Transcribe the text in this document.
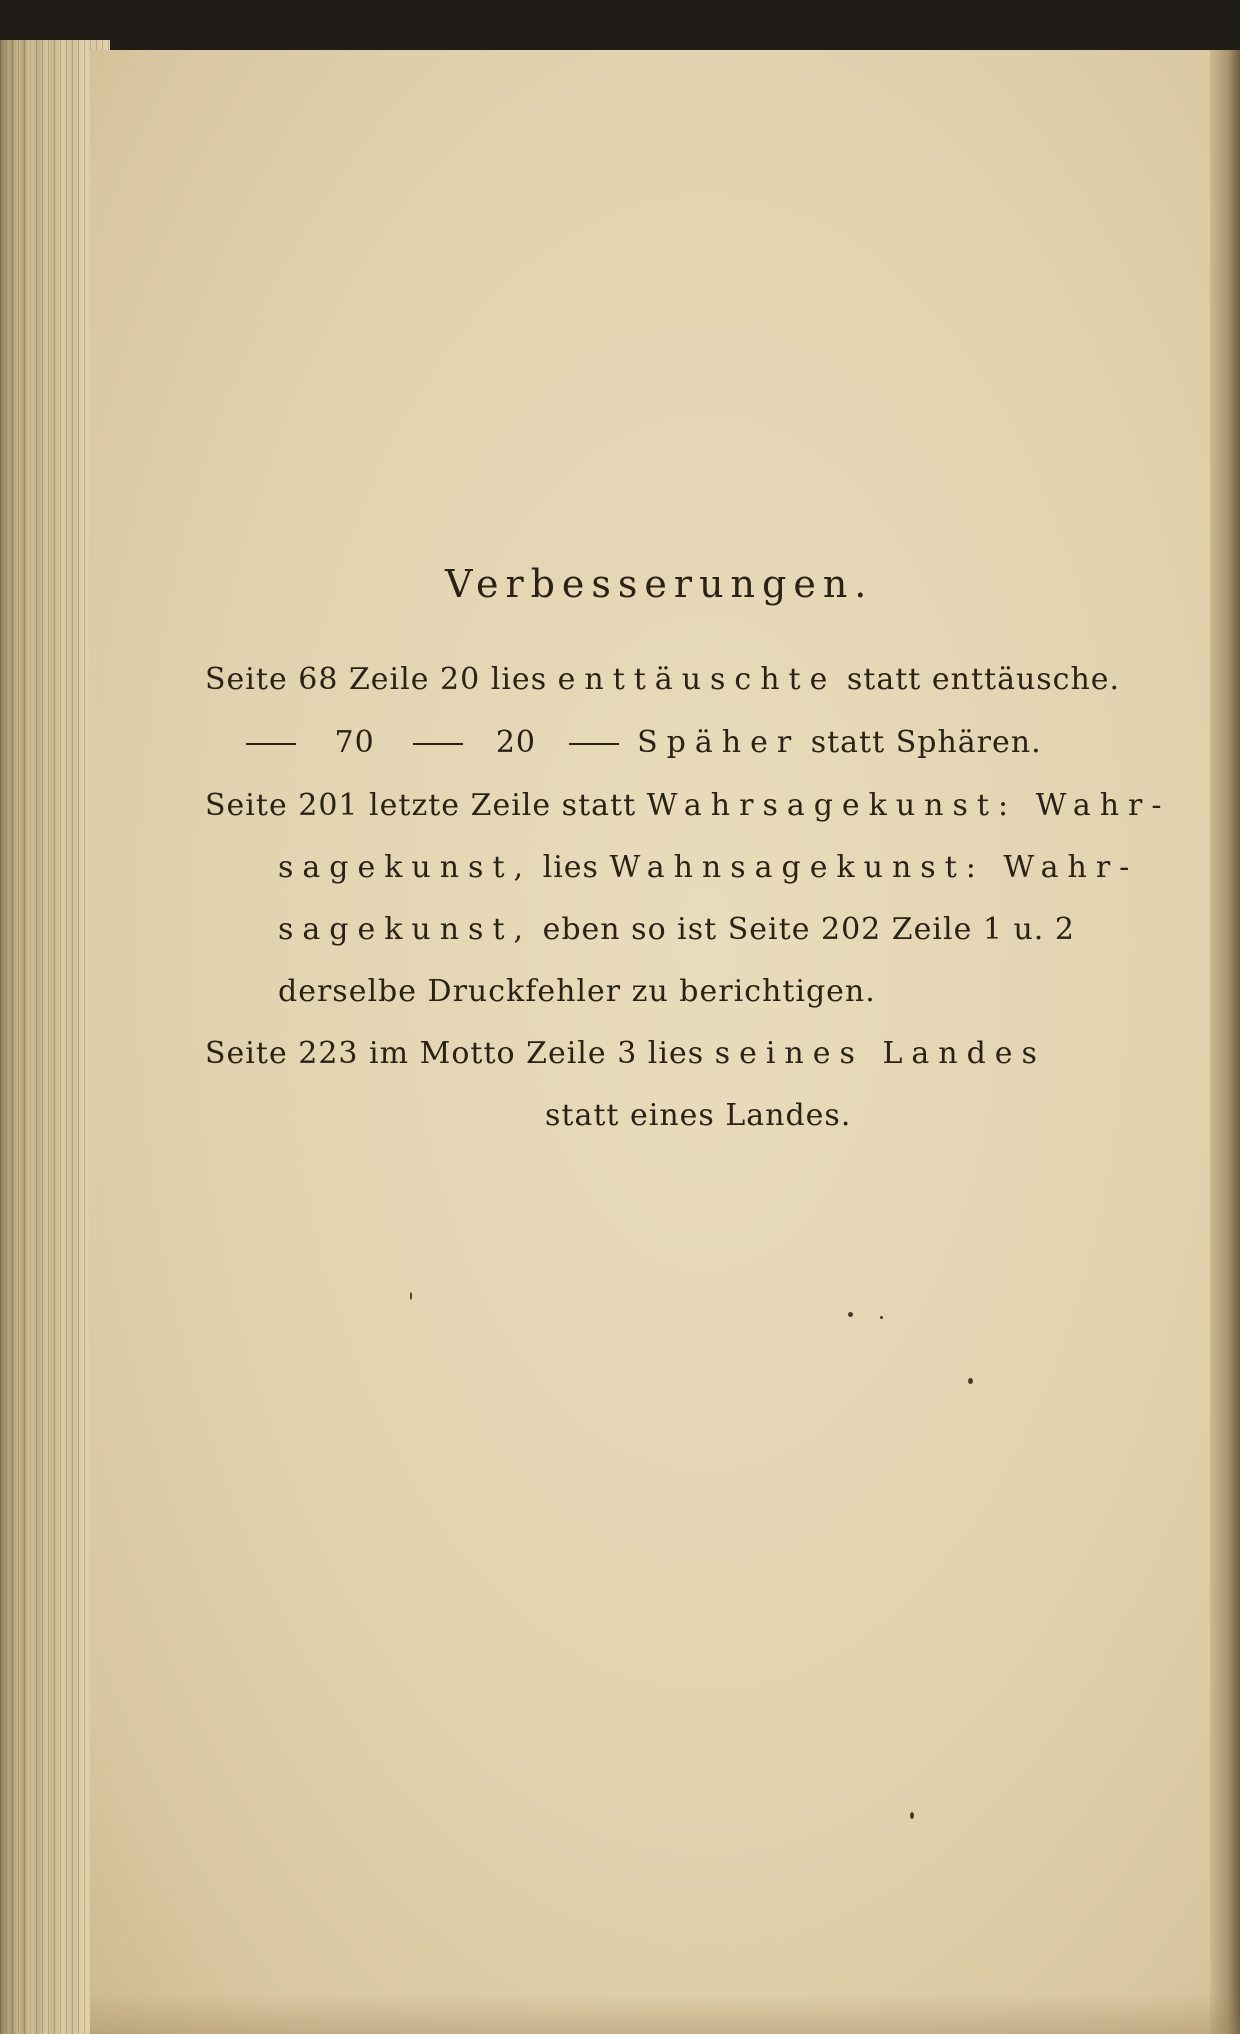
Verbesserungen.
Seite 68 Zeile 20 lies enttäuschte statt enttäusche.
70	20	Späher statt Sphären.
Seite 201 letzte Zeile statt Wahrsagekunst: Wahr-
sagekunst, lies Wahnsagekunst: Wahr-
sagekunst, eben so ist Seite 202 Zeile 1 u. 2
derselbe Druckfehler zu berichtigen.
Seite 223 im Motto Zeile 3 lies seines Landes
statt eines Landes.
